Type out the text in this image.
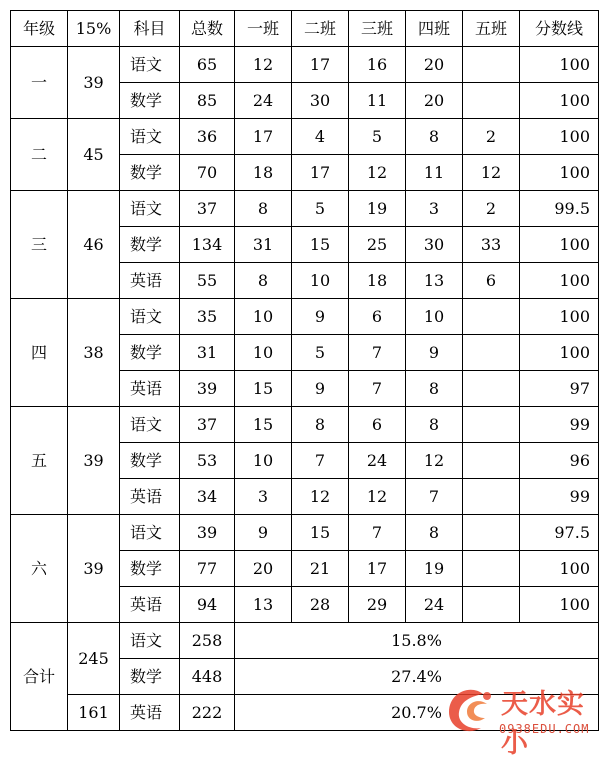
年级	15%	科目	总数	一班	二班	三班	四班	五班	分数线
一	39	语文	65	12	17	16	20		100
		数学	85	24	30	11	20		100
二	45	语文	36	17	4	5	8	2	100
		数学	70	18	17	12	11	12	100
三	46	语文	37	8	5	19	3	2	99.5
		数学	134	31	15	25	30	33	100
		英语	55	8	10	18	13	6	100
四	38	语文	35	10	9	6	10		100
		数学	31	10	5	7	9		100
		英语	39	15	9	7	8		97
五	39	语文	37	15	8	6	8		99
		数学	53	10	7	24	12		96
		英语	34	3	12	12	7		99
六	39	语文	39	9	15	7	8		97.5
		数学	77	20	21	17	19		100
		英语	94	13	28	29	24		100
合计	245	语文	258	15.8%					
		数学	448	27.4%					
	161	英语	222	20.7%					天水实小
0938EDU.COM
